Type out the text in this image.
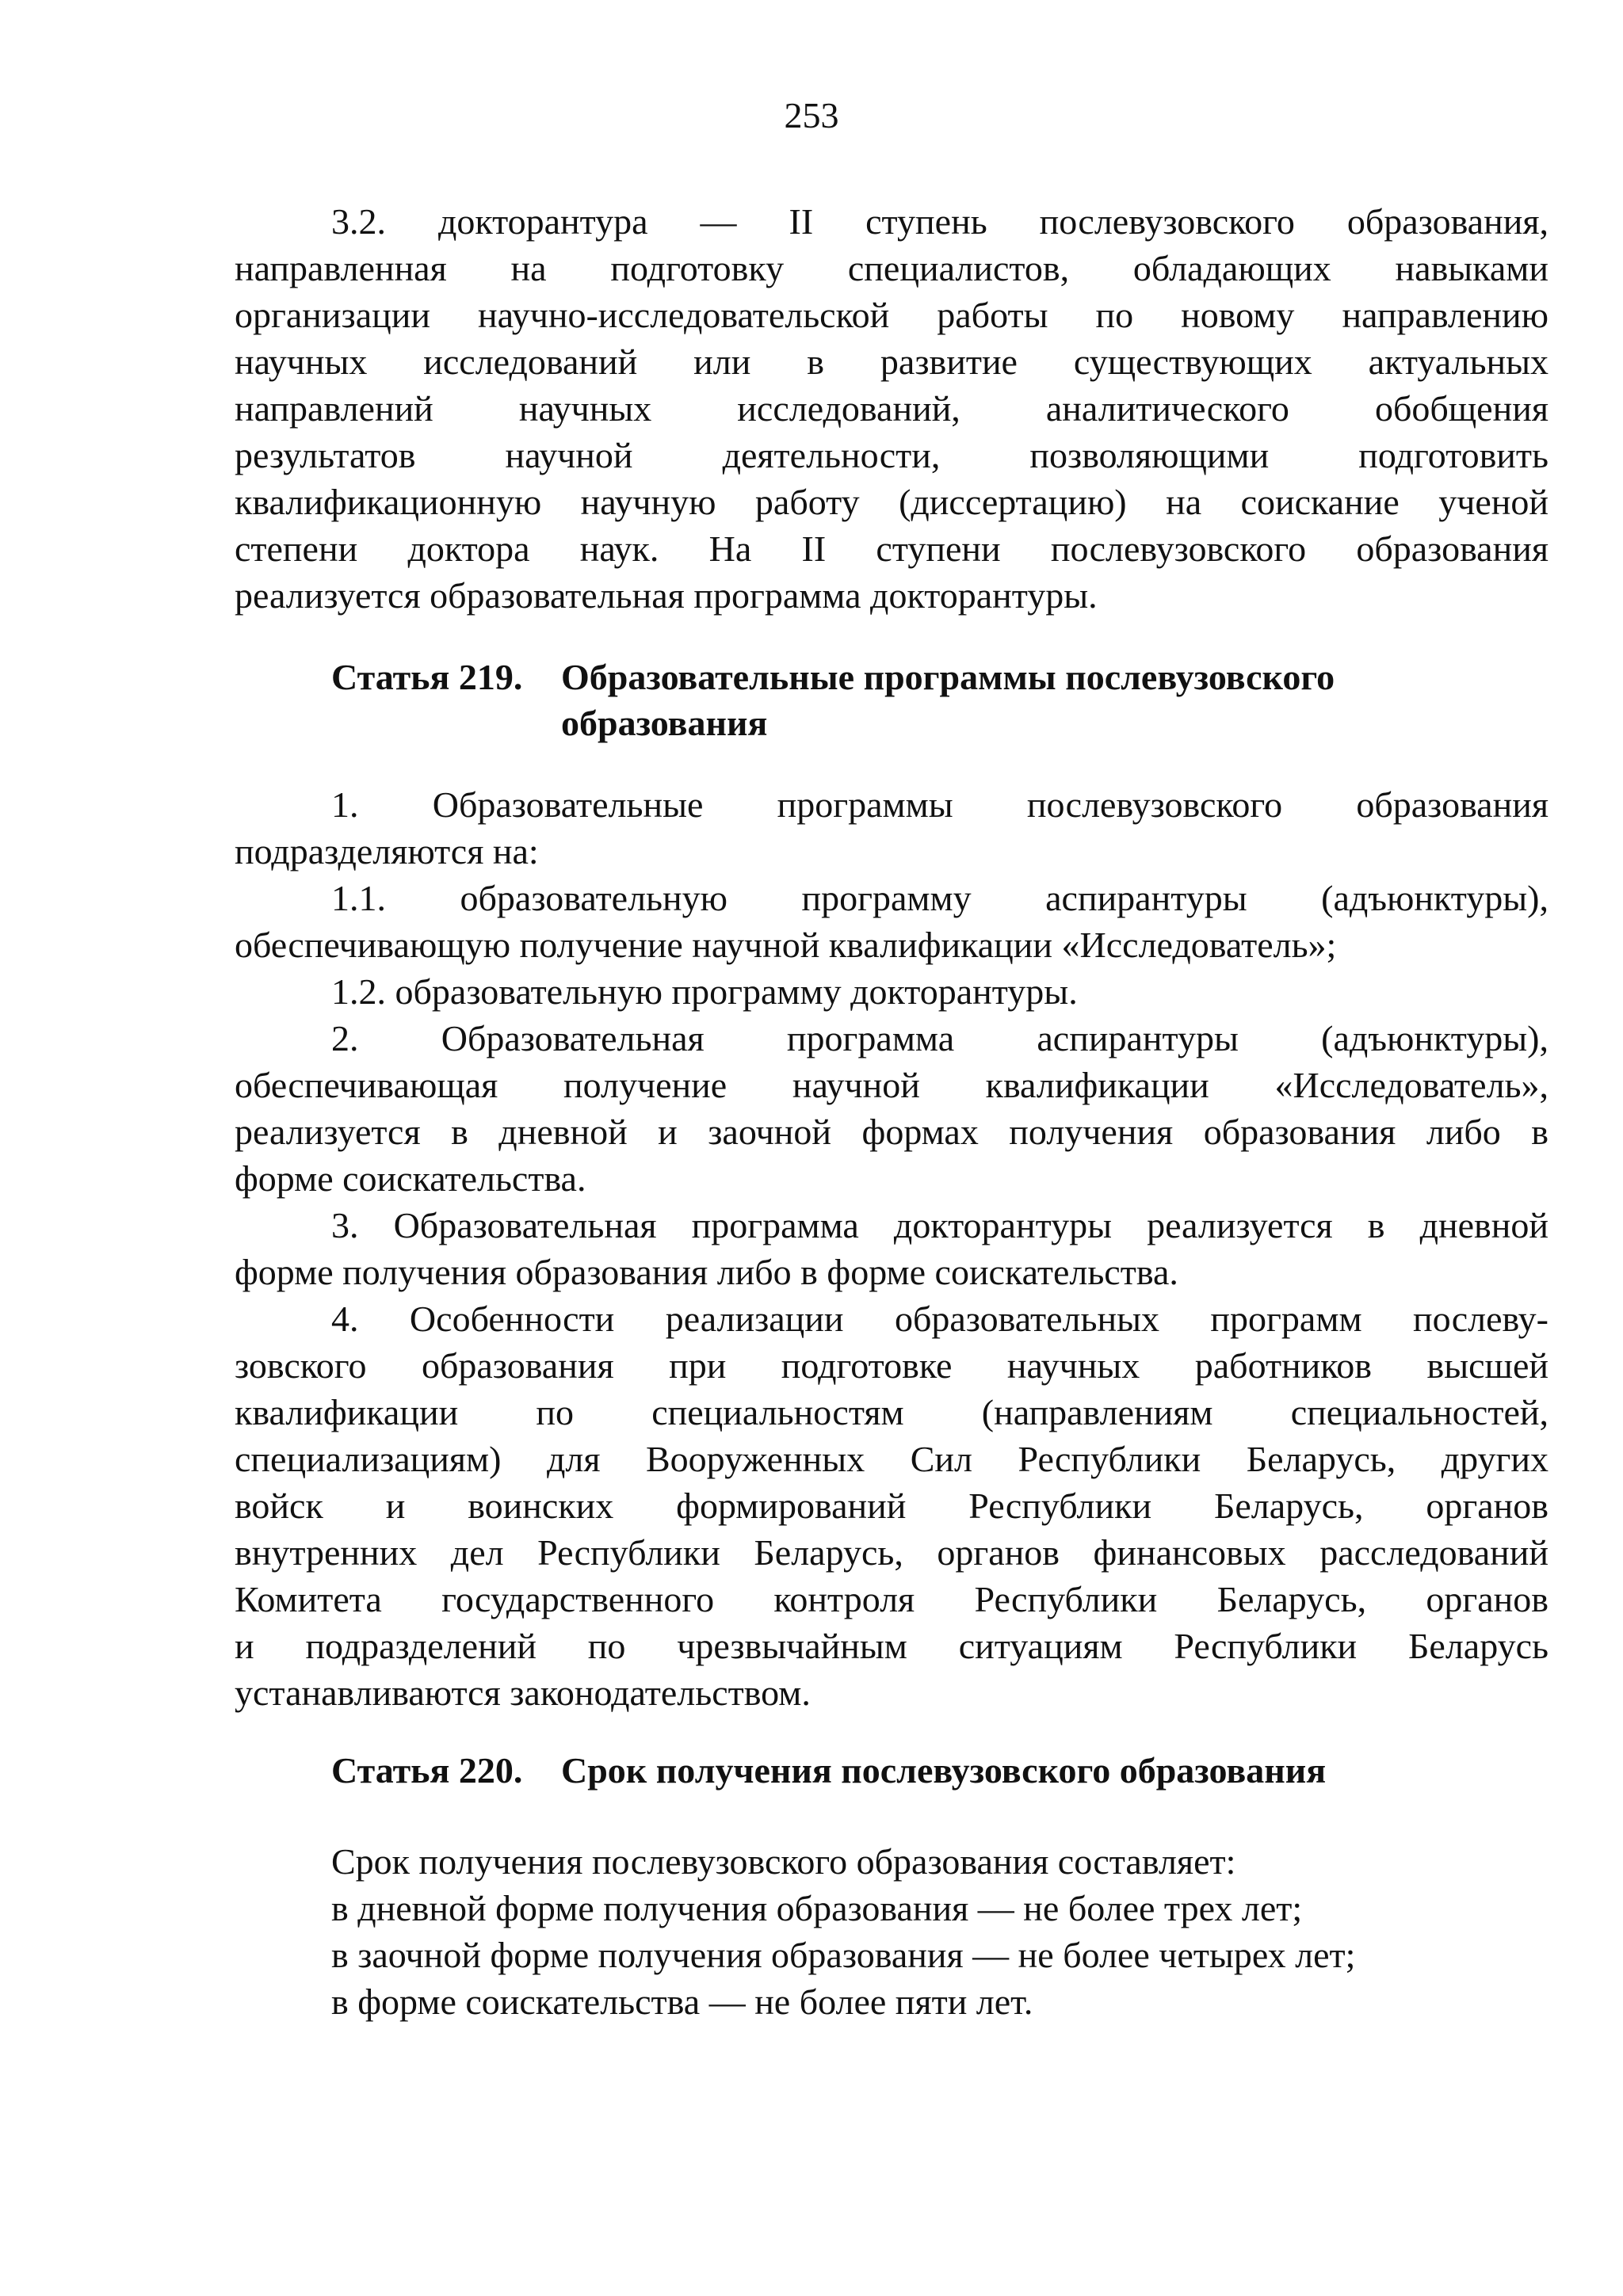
253
3.2. докторантура — II ступень послевузовского образования,
направленная на подготовку специалистов, обладающих навыками
организации научно-исследовательской работы по новому направлению
научных исследований или в развитие существующих актуальных
направлений научных исследований, аналитического обобщения
результатов научной деятельности, позволяющими подготовить
квалификационную научную работу (диссертацию) на соискание ученой
степени доктора наук. На II ступени послевузовского образования
реализуется образовательная программа докторантуры.
Статья 219. Образовательные программы послевузовского
образования
1. Образовательные программы послевузовского образования
подразделяются на:
1.1. образовательную программу аспирантуры (адъюнктуры),
обеспечивающую получение научной квалификации «Исследователь»;
1.2. образовательную программу докторантуры.
2. Образовательная программа аспирантуры (адъюнктуры),
обеспечивающая получение научной квалификации «Исследователь»,
реализуется в дневной и заочной формах получения образования либо в
форме соискательства.
3. Образовательная программа докторантуры реализуется в дневной
форме получения образования либо в форме соискательства.
4. Особенности реализации образовательных программ послеву-
зовского образования при подготовке научных работников высшей
квалификации по специальностям (направлениям специальностей,
специализациям) для Вооруженных Сил Республики Беларусь, других
войск и воинских формирований Республики Беларусь, органов
внутренних дел Республики Беларусь, органов финансовых расследований
Комитета государственного контроля Республики Беларусь, органов
и подразделений по чрезвычайным ситуациям Республики Беларусь
устанавливаются законодательством.
Статья 220. Срок получения послевузовского образования
Срок получения послевузовского образования составляет:
в дневной форме получения образования — не более трех лет;
в заочной форме получения образования — не более четырех лет;
в форме соискательства — не более пяти лет.
